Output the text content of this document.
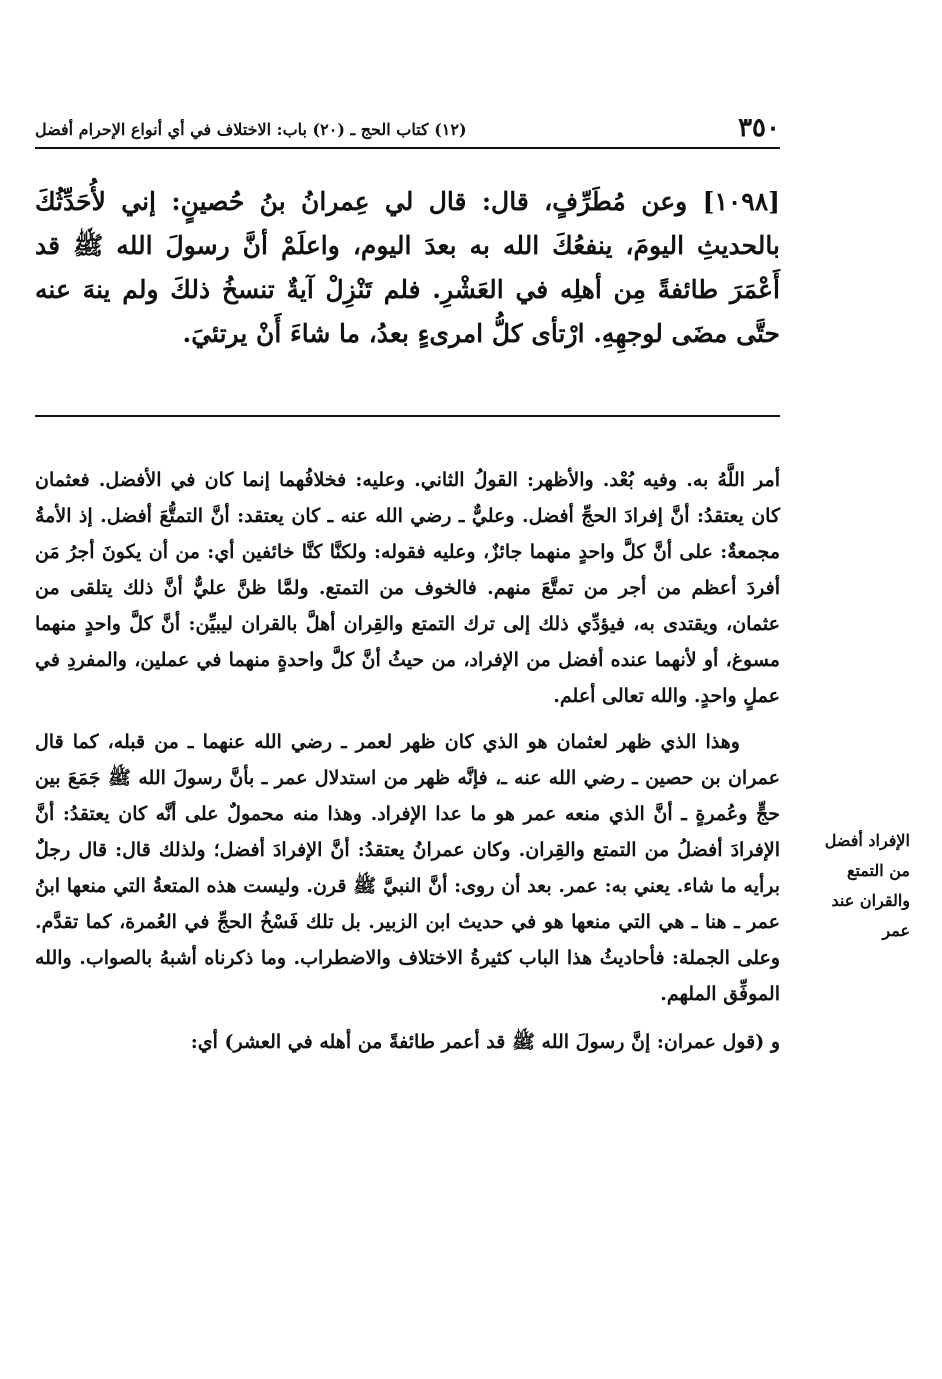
(١٢) كتاب الحج ـ (٢٠) باب: الاختلاف في أي أنواع الإحرام أفضل	٣٥٠

[١٠٩٨] وعن مُطَرِّفٍ، قال: قال لي عِمرانُ بنُ حُصينٍ: إني لأُحَدِّثُكَ بالحديثِ اليومَ، ينفعُكَ الله به بعدَ اليوم، واعلَمْ أنَّ رسولَ الله ﷺ قد أَعْمَرَ طائفةً مِن أهلِه في العَشْرِ. فلم تَنْزِلْ آيةٌ تنسخُ ذلكَ ولم ينهَ عنه حتَّى مضَى لوجهِهِ. ارْتأى كلُّ امرىءٍ بعدُ، ما شاءَ أَنْ يرتئيَ.

أمر اللَّهُ به. وفيه بُعْد. والأظهر: القولُ الثاني. وعليه: فخلافُهما إنما كان في الأفضل. فعثمان كان يعتقدُ: أنَّ إفرادَ الحجِّ أفضل. وعليٌّ ـ رضي الله عنه ـ كان يعتقد: أنَّ التمتُّعَ أفضل. إذ الأمةُ مجمعةٌ: على أنَّ كلَّ واحدٍ منهما جائزٌ، وعليه فقوله: ولكنَّا كنَّا خائفين أي: من أن يكونَ أجرُ مَن أفردَ أعظم من أجر من تمتَّعَ منهم. فالخوف من التمتع. ولمَّا ظنَّ عليٌّ أنَّ ذلك يتلقى من عثمان، ويقتدى به، فيؤدِّي ذلك إلى ترك التمتع والقِران أهلَّ بالقران ليبيِّن: أنَّ كلَّ واحدٍ منهما مسوغ، أو لأنهما عنده أفضل من الإفراد، من حيثُ أنَّ كلَّ واحدةٍ منهما في عملين، والمفردِ في عملٍ واحدٍ. والله تعالى أعلم.

وهذا الذي ظهر لعثمان هو الذي كان ظهر لعمر ـ رضي الله عنهما ـ من قبله، كما قال عمران بن حصين ـ رضي الله عنه ـ، فإنَّه ظهر من استدلال عمر ـ بأنَّ رسولَ الله ﷺ جَمَعَ بين حجٍّ وعُمرةٍ ـ أنَّ الذي منعه عمر هو ما عدا الإفراد. وهذا منه محمولٌ على أنَّه كان يعتقدُ: أنَّ الإفرادَ أفضلُ من التمتع والقِران. وكان عمرانُ يعتقدُ: أنَّ الإفرادَ أفضل؛ ولذلك قال: قال رجلٌ برأيه ما شاء. يعني به: عمر. بعد أن روى: أنَّ النبيَّ ﷺ قرن. وليست هذه المتعةُ التي منعها ابنُ عمر ـ هنا ـ هي التي منعها هو في حديث ابن الزبير. بل تلك فَسْخُ الحجِّ في العُمرة، كما تقدَّم. وعلى الجملة: فأحاديثُ هذا الباب كثيرةُ الاختلاف والاضطراب. وما ذكرناه أشبهُ بالصواب. والله الموفِّق الملهم.

و (قول عمران: إنَّ رسولَ الله ﷺ قد أعمر طائفةً من أهله في العشر) أي:

الإفراد أفضل
من التمتع
والقران عند
عمر
